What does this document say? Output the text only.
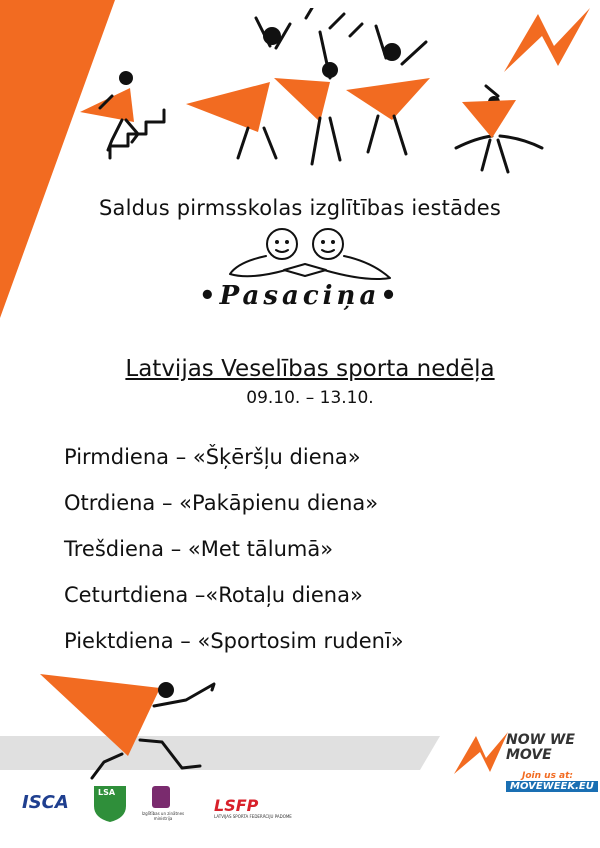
Saldus pirmsskolas izglītības iestādes
•Pasaciņa•
Latvijas Veselības sporta nedēļa
09.10. – 13.10.
Pirmdiena – «Šķēršļu diena»
Otrdiena – «Pakāpienu diena»
Trešdiena – «Met tālumā»
Ceturtdiena –«Rotaļu diena»
Piektdiena – «Sportosim rudenī»
NOW WE MOVE
Join us at:
MOVEWEEK.EU
ISCA	LSA
Izglītības un zinātnes ministrija
LSFP
LATVIJAS SPORTA FEDERĀCIJU PADOME
